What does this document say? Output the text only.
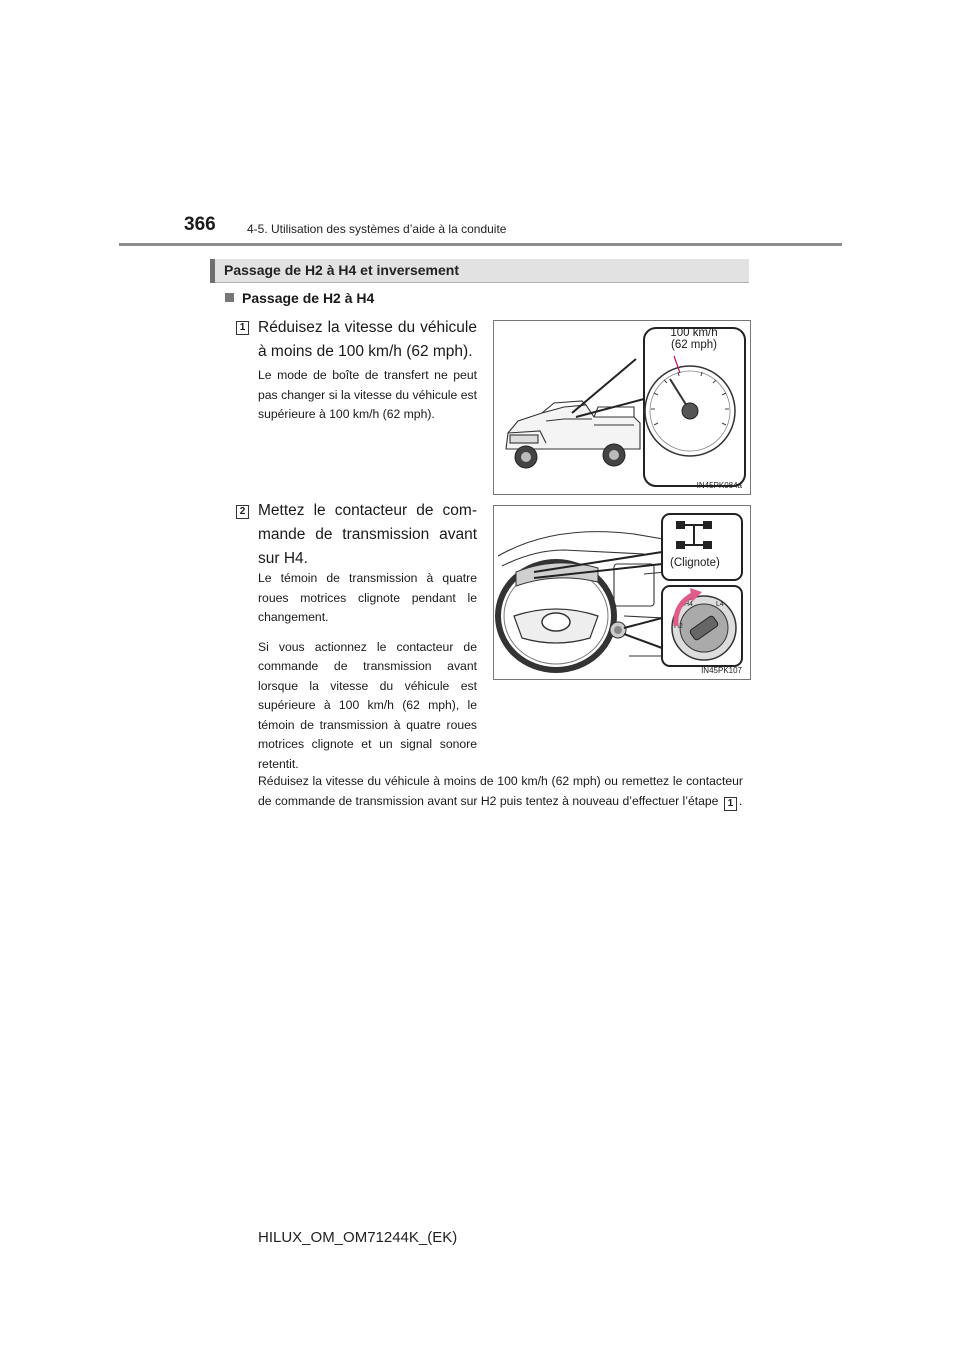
366	4-5. Utilisation des systèmes d’aide à la conduite
Passage de H2 à H4 et inversement
Passage de H2 à H4
1 Réduisez la vitesse du véhicule à moins de 100 km/h (62 mph).

Le mode de boîte de transfert ne peut pas changer si la vitesse du véhicule est supérieure à 100 km/h (62 mph).

100 km/h
(62 mph)
IN45PK084a
2 Mettez le contacteur de com-mande de transmission avant sur H4.

Le témoin de transmission à quatre roues motrices clignote pendant le changement.

Si vous actionnez le contacteur de commande de transmission avant lorsque la vitesse du véhicule est supérieure à 100 km/h (62 mph), le témoin de transmission à quatre roues motrices clignote et un signal sonore retentit.

H4
H2
L4
(Clignote)
IN45PK107
Réduisez la vitesse du véhicule à moins de 100 km/h (62 mph) ou remettez le contacteur de commande de transmission avant sur H2 puis tentez à nouveau d’effectuer l’étape 1 .
HILUX_OM_OM71244K_(EK)
